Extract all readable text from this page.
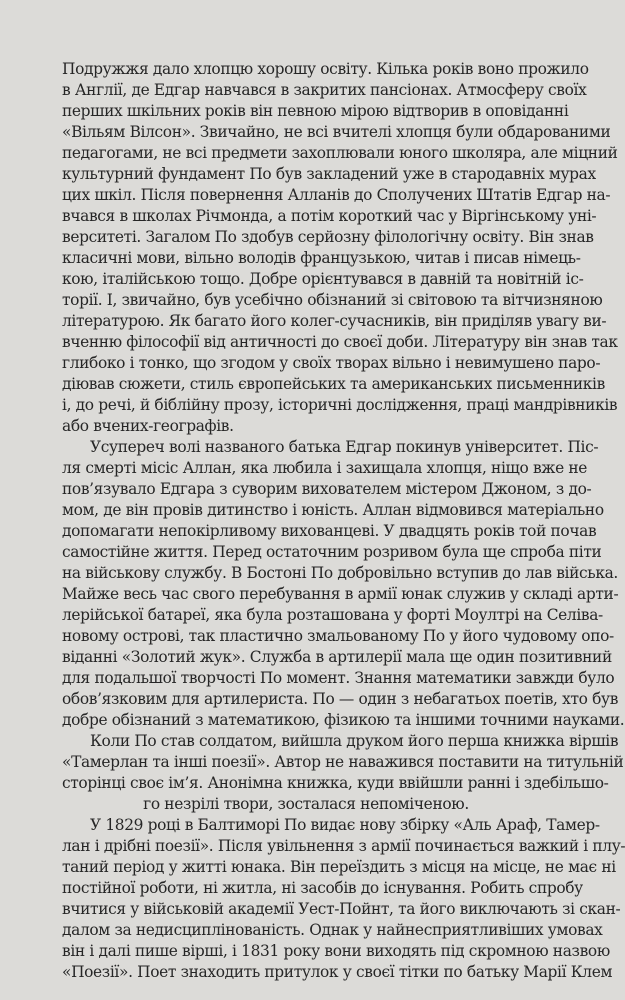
Подружжя дало хлопцю хорошу освіту. Кілька років воно прожило

в Англії, де Едгар навчався в закритих пансіонах. Атмосферу своїх

перших шкільних років він певною мірою відтворив в оповіданні

«Вільям Вілсон». Звичайно, не всі вчителі хлопця були обдарованими

педагогами, не всі предмети захоплювали юного школяра, але міцний

культурний фундамент По був закладений уже в стародавніх мурах

цих шкіл. Після повернення Алланів до Сполучених Штатів Едгар на-

вчався в школах Річмонда, а потім короткий час у Віргінському уні-

верситеті. Загалом По здобув серйозну філологічну освіту. Він знав

класичні мови, вільно володів французькою, читав і писав німець-

кою, італійською тощо. Добре орієнтувався в давній та новітній іс-

торії. І, звичайно, був усебічно обізнаний зі світовою та вітчизняною

літературою. Як багато його колег-сучасників, він приділяв увагу ви-

вченню філософії від античності до своєї доби. Літературу він знав так

глибоко і тонко, що згодом у своїх творах вільно і невимушено паро-

діював сюжети, стиль європейських та американських письменників

і, до речі, й біблійну прозу, історичні дослідження, праці мандрівників

або вчених-географів.

Усупереч волі названого батька Едгар покинув університет. Піс-

ля смерті місіс Аллан, яка любила і захищала хлопця, ніщо вже не

пов’язувало Едгара з суворим вихователем містером Джоном, з до-

мом, де він провів дитинство і юність. Аллан відмовився матеріально

допомагати непокірливому вихованцеві. У двадцять років той почав

самостійне життя. Перед остаточним розривом була ще спроба піти

на військову службу. В Бостоні По добровільно вступив до лав війська.

Майже весь час свого перебування в армії юнак служив у складі арти-

лерійської батареї, яка була розташована у форті Моултрі на Селіва-

новому острові, так пластично змальованому По у його чудовому опо-

віданні «Золотий жук». Служба в артилерії мала ще один позитивний

для подальшої творчості По момент. Знання математики завжди було

обов’язковим для артилериста. По — один з небагатьох поетів, хто був

добре обізнаний з математикою, фізикою та іншими точними науками.

Коли По став солдатом, вийшла друком його перша книжка віршів

«Тамерлан та інші поезії». Автор не наважився поставити на титульній

сторінці своє ім’я. Анонімна книжка, куди ввійшли ранні і здебільшо-

го незрілі твори, зосталася непоміченою.

У 1829 році в Балтиморі По видає нову збірку «Аль Араф, Тамер-

лан і дрібні поезії». Після увільнення з армії починається важкий і плу-

таний період у житті юнака. Він переїздить з місця на місце, не має ні

постійної роботи, ні житла, ні засобів до існування. Робить спробу

вчитися у військовій академії Уест-Пойнт, та його виключають зі скан-

далом за недисциплінованість. Однак у найнесприятливіших умовах

він і далі пише вірші, і 1831 року вони виходять під скромною назвою

«Поезії». Поет знаходить притулок у своєї тітки по батьку Марії Клем
